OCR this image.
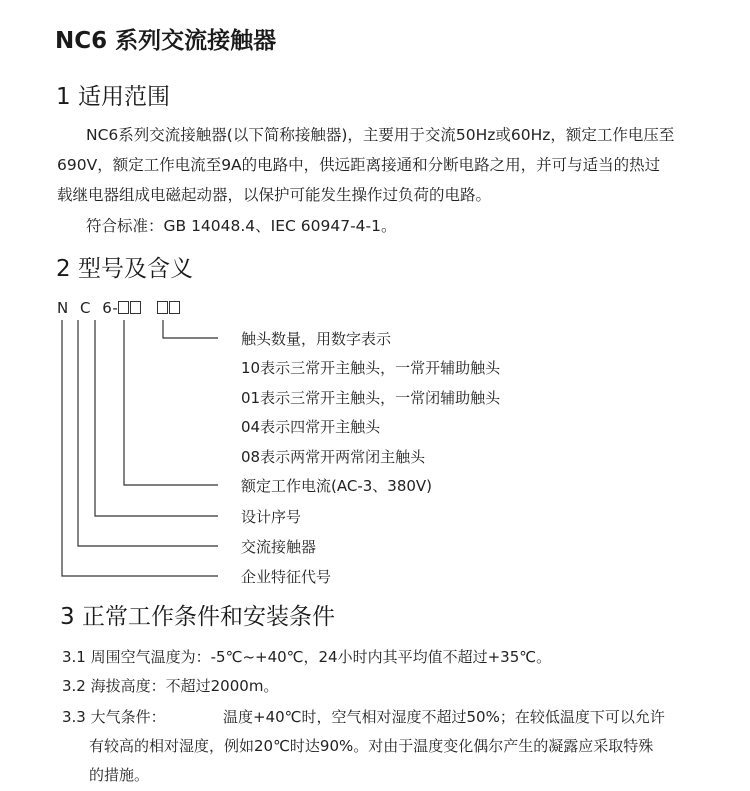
NC6 系列交流接触器
1 适用范围
NC6系列交流接触器(以下简称接触器)，主要用于交流50Hz或60Hz，额定工作电压至
690V，额定工作电流至9A的电路中，供远距离接通和分断电路之用，并可与适当的热过
载继电器组成电磁起动器，以保护可能发生操作过负荷的电路。
符合标准：GB 14048.4、IEC 60947-4-1。
2 型号及含义
N C 6-
触头数量，用数字表示
10表示三常开主触头，一常开辅助触头
01表示三常开主触头，一常闭辅助触头
04表示四常开主触头
08表示两常开两常闭主触头
额定工作电流(AC-3、380V)
设计序号
交流接触器
企业特征代号
3 正常工作条件和安装条件
3.1 周围空气温度为：-5℃~+40℃，24小时内其平均值不超过+35℃。
3.2 海拔高度：不超过2000m。
3.3 大气条件：	温度+40℃时，空气相对湿度不超过50%；在较低温度下可以允许
有较高的相对湿度，例如20℃时达90%。对由于温度变化偶尔产生的凝露应采取特殊
的措施。
